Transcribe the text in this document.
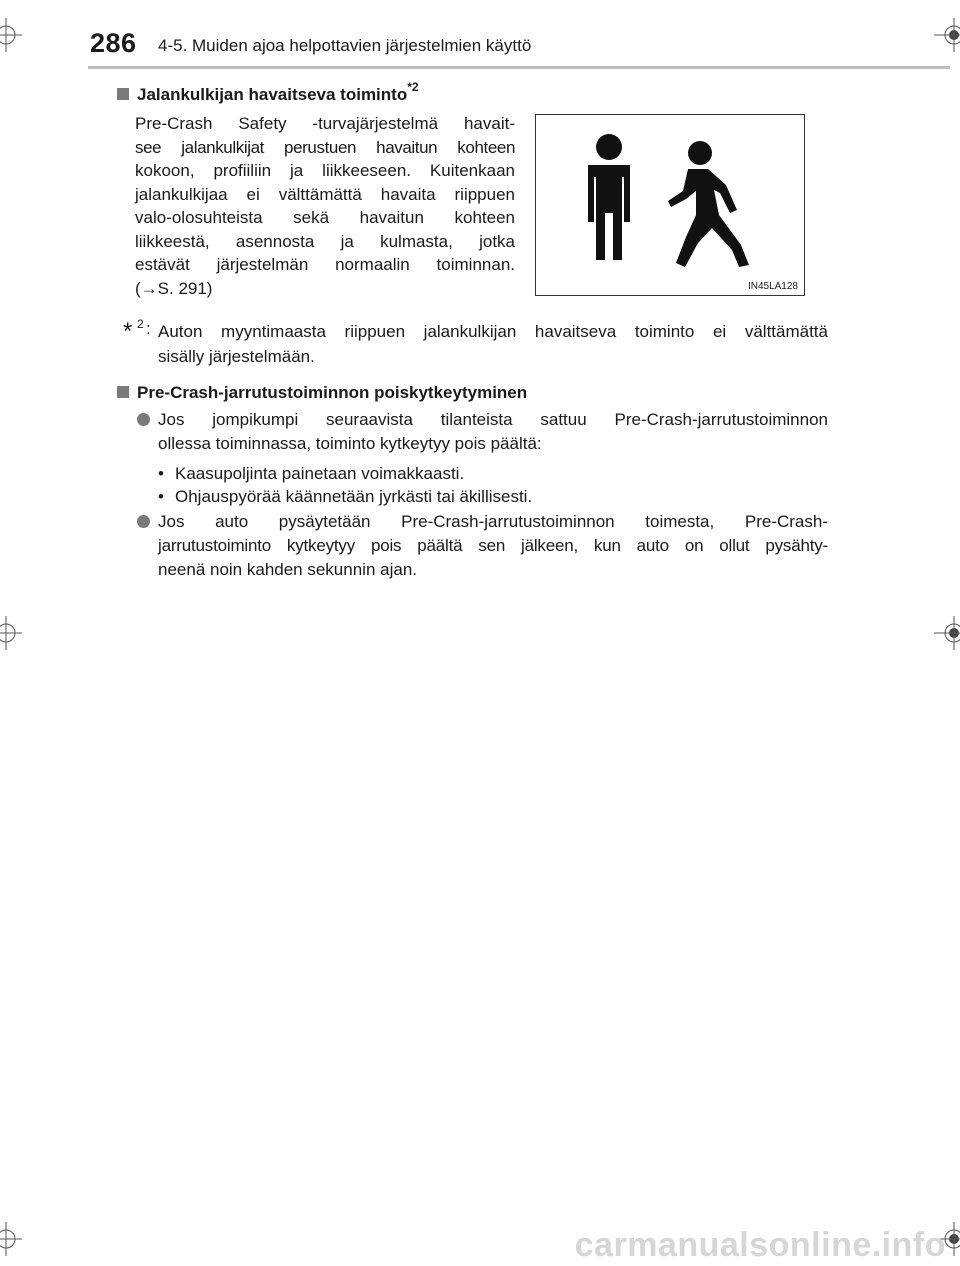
286 4-5. Muiden ajoa helpottavien järjestelmien käyttö
Jalankulkijan havaitseva toiminto$^{*2}$
Pre-Crash Safety -turvajärjestelmä havait-
see jalankulkijat perustuen havaitun kohteen
kokoon, profiiliin ja liikkeeseen. Kuitenkaan
jalankulkijaa ei välttämättä havaita riippuen
valo-olosuhteista sekä havaitun kohteen
liikkeestä, asennosta ja kulmasta, jotka
estävät järjestelmän normaalin toiminnan.
(→S. 291)	IN45LA128
* 2 : Auton myyntimaasta riippuen jalankulkijan havaitseva toiminto ei välttämättä
sisälly järjestelmään.
Pre-Crash-jarrutustoiminnon poiskytkeytyminen
Jos jompikumpi seuraavista tilanteista sattuu Pre-Crash-jarrutustoiminnon
ollessa toiminnassa, toiminto kytkeytyy pois päältä:
• Kaasupoljinta painetaan voimakkaasti.
• Ohjauspyörää käännetään jyrkästi tai äkillisesti.
Jos auto pysäytetään Pre-Crash-jarrutustoiminnon toimesta, Pre-Crash-
jarrutustoiminto kytkeytyy pois päältä sen jälkeen, kun auto on ollut pysähty-
neenä noin kahden sekunnin ajan.
carmanualsonline.info
